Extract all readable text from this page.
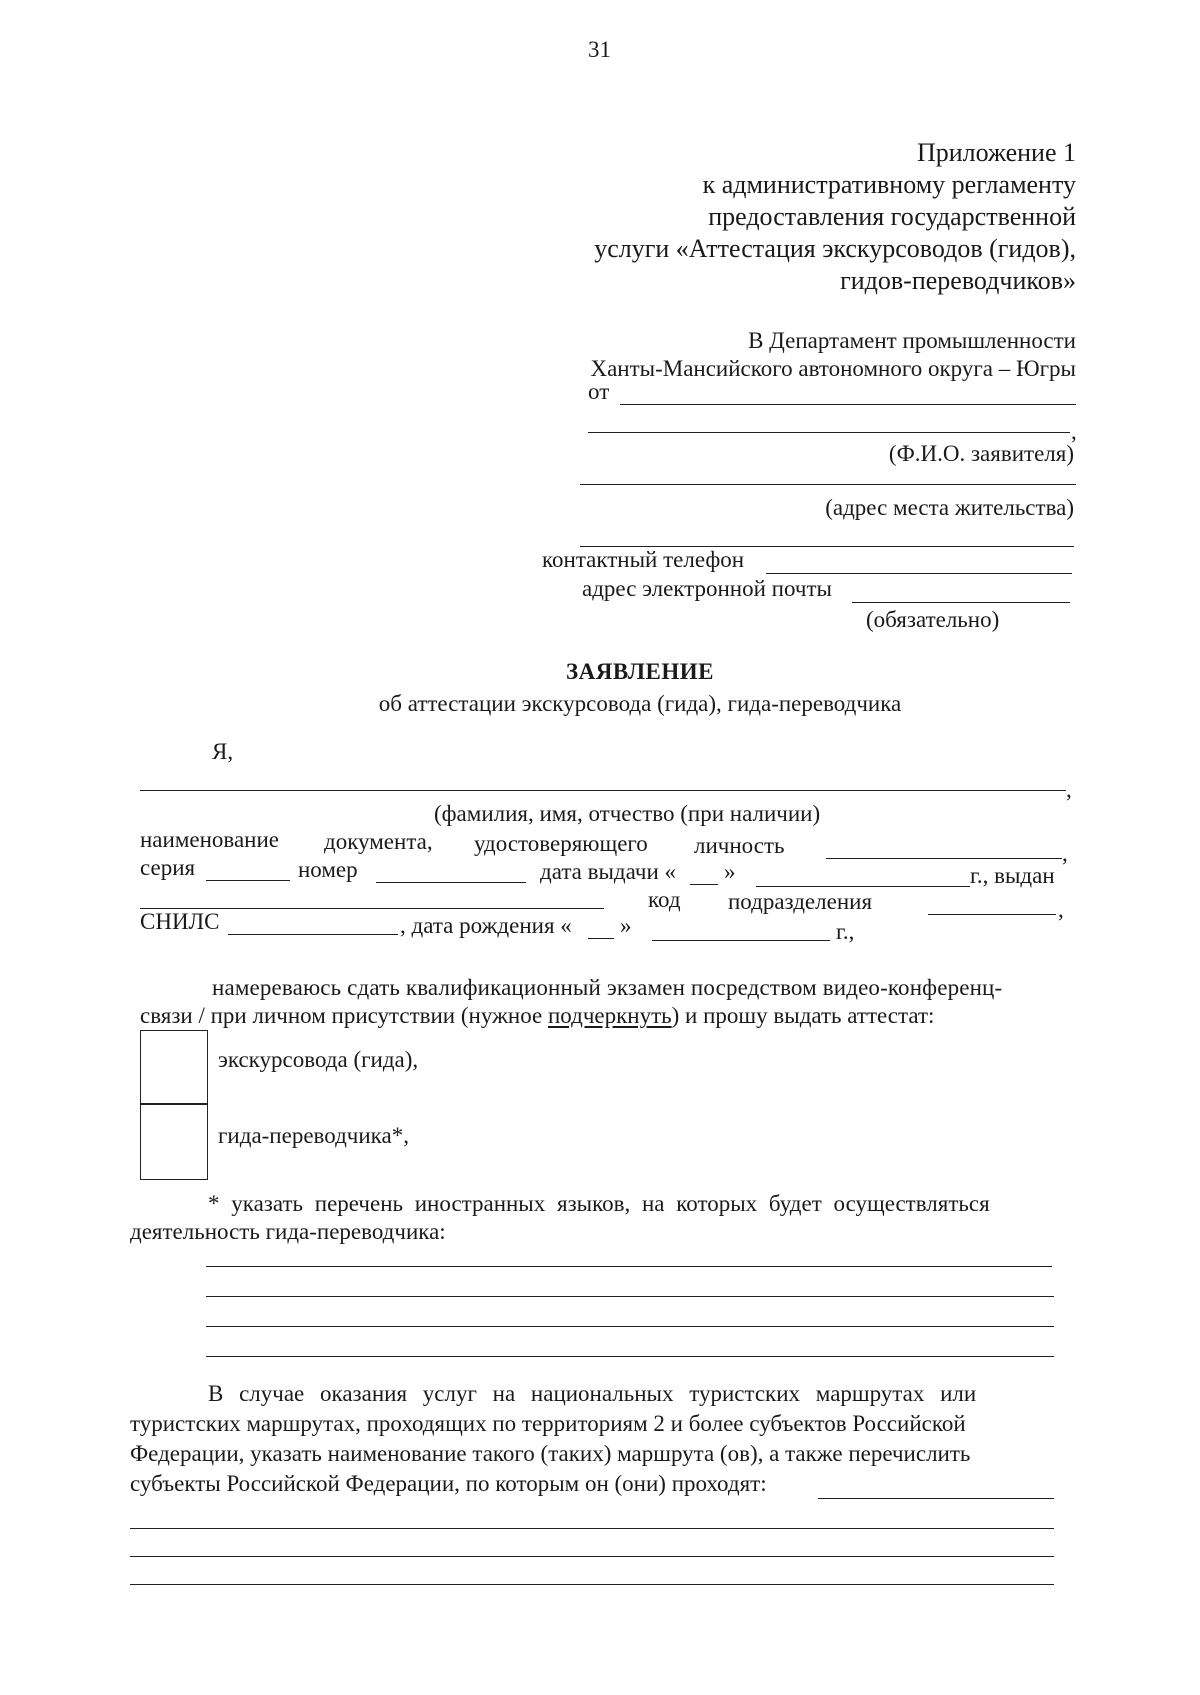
31
Приложение 1
к административному регламенту
предоставления государственной
услуги «Аттестация экскурсоводов (гидов),
гидов-переводчиков»
В Департамент промышленности
Ханты-Мансийского автономного округа – Югры
от
,
(Ф.И.О. заявителя)
(адрес места жительства)
контактный телефон
адрес электронной почты
(обязательно)
ЗАЯВЛЕНИЕ
об аттестации экскурсовода (гида), гида-переводчика
Я,
,
(фамилия, имя, отчество (при наличии)
наименование документа, удостоверяющего личность	,
серия	номер	дата выдачи « »	г., выдан
код подразделения	,
СНИЛС	, дата рождения « »	г.,
намереваюсь сдать квалификационный экзамен посредством видео-конференц-
связи / при личном присутствии (нужное подчеркнуть) и прошу выдать аттестат:
экскурсовода (гида),
гида-переводчика*,
* указать перечень иностранных языков, на которых будет осуществляться
деятельность гида-переводчика:
В случае оказания услуг на национальных туристских маршрутах или
туристских маршрутах, проходящих по территориям 2 и более субъектов Российской
Федерации, указать наименование такого (таких) маршрута (ов), а также перечислить
субъекты Российской Федерации, по которым он (они) проходят:
